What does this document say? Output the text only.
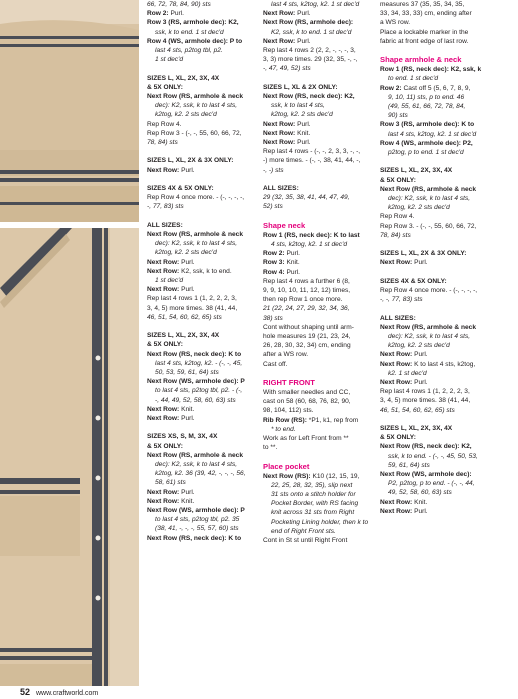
66, 72, 78, 84, 90) sts
Row 2: Purl.
Row 3 (RS, armhole dec): K2,
ssk, k to end. 1 st dec'd
Row 4 (WS, armhole dec): P to
last 4 sts, p2tog tbl, p2.
1 st dec'd
SIZES L, XL, 2X, 3X, 4X
& 5X ONLY:
Next Row (RS, armhole & neck
dec): K2, ssk, k to last 4 sts,
k2tog, k2. 2 sts dec'd
Rep Row 4.
Rep Row 3 - (-, -, 55, 60, 66, 72,
78, 84) sts
SIZES L, XL, 2X & 3X ONLY:
Next Row: Purl.
SIZES 4X & 5X ONLY:
Rep Row 4 once more. - (-, -, -, -,
-, 77, 83) sts
ALL SIZES:
Next Row (RS, armhole & neck
dec): K2, ssk, k to last 4 sts,
k2tog, k2. 2 sts dec'd
Next Row: Purl.
Next Row: K2, ssk, k to end.
1 st dec'd
Next Row: Purl.
Rep last 4 rows 1 (1, 2, 2, 2, 3,
3, 4, 5) more times. 38 (41, 44,
46, 51, 54, 60, 62, 65) sts
SIZES L, XL, 2X, 3X, 4X
& 5X ONLY:
Next Row (RS, neck dec): K to
last 4 sts, k2tog, k2. - (-, -, 45,
50, 53, 59, 61, 64) sts
Next Row (WS, armhole dec): P
to last 4 sts, p2tog tbl, p2. - (-,
-, 44, 49, 52, 58, 60, 63) sts
Next Row: Knit.
Next Row: Purl.
SIZES XS, S, M, 3X, 4X
& 5X ONLY:
Next Row (RS, armhole & neck
dec): K2, ssk, k to last 4 sts,
k2tog, k2. 36 (39, 42, -, -, -, 56,
58, 61) sts
Next Row: Purl.
Next Row: Knit.
Next Row (WS, armhole dec): P
to last 4 sts, p2tog tbl, p2. 35
(38, 41, -, -, -, 55, 57, 60) sts
Next Row (RS, neck dec): K to
last 4 sts, k2tog, k2. 1 st dec'd
Next Row: Purl.
Next Row (RS, armhole dec):
K2, ssk, k to end. 1 st dec'd
Next Row: Purl.
Rep last 4 rows 2 (2, 2, -, -, -, 3,
3, 3) more times. 29 (32, 35, -, -,
-, 47, 49, 52) sts
SIZES L, XL & 2X ONLY:
Next Row (RS, neck dec): K2,
ssk, k to last 4 sts,
k2tog, k2. 2 sts dec'd
Next Row: Purl.
Next Row: Knit.
Next Row: Purl.
Rep last 4 rows - (-, -, 2, 3, 3, -, -,
-) more times. - (-, -, 38, 41, 44, -,
-, -) sts
ALL SIZES:
29 (32, 35, 38, 41, 44, 47, 49,
52) sts
Shape neck
Row 1 (RS, neck dec): K to last
4 sts, k2tog, k2. 1 st dec'd
Row 2: Purl.
Row 3: Knit.
Row 4: Purl.
Rep last 4 rows a further 6 (8,
9, 9, 10, 10, 11, 12, 12) times,
then rep Row 1 once more.
21 (22, 24, 27, 29, 32, 34, 36,
38) sts
Cont without shaping until arm-
hole measures 19 (21, 23, 24,
26, 28, 30, 32, 34) cm, ending
after a WS row.
Cast off.
RIGHT FRONT
With smaller needles and CC,
cast on 58 (60, 68, 76, 82, 90,
98, 104, 112) sts.
Rib Row (RS): *P1, k1, rep from
* to end.
Work as for Left Front from **
to **.
Place pocket
Next Row (RS): K10 (12, 15, 19,
22, 25, 28, 32, 35), slip next
31 sts onto a stitch holder for
Pocket Border, with RS facing
knit across 31 sts from Right
Pocketing Lining holder, then k to
end of Right Front sts.
Cont in St st until Right Front
measures 37 (35, 35, 34, 35,
33, 34, 33, 33) cm, ending after
a WS row.
Place a lockable marker in the
fabric at front edge of last row.
Shape armhole & neck
Row 1 (RS, neck dec): K2, ssk, k
to end. 1 st dec'd
Row 2: Cast off 5 (5, 6, 7, 8, 9,
9, 10, 11) sts, p to end. 46
(49, 55, 61, 66, 72, 78, 84,
90) sts
Row 3 (RS, armhole dec): K to
last 4 sts, k2tog, k2. 1 st dec'd
Row 4 (WS, armhole dec): P2,
p2tog, p to end. 1 st dec'd
SIZES L, XL, 2X, 3X, 4X
& 5X ONLY:
Next Row (RS, armhole & neck
dec): K2, ssk, k to last 4 sts,
k2tog, k2. 2 sts dec'd
Rep Row 4.
Rep Row 3. - (-, -, 55, 60, 66, 72,
78, 84) sts
SIZES L, XL, 2X & 3X ONLY:
Next Row: Purl.
SIZES 4X & 5X ONLY:
Rep Row 4 once more. - (-, -, -, -,
-, -, 77, 83) sts
ALL SIZES:
Next Row (RS, armhole & neck
dec): K2, ssk, k to last 4 sts,
k2tog, k2. 2 sts dec'd
Next Row: Purl.
Next Row: K to last 4 sts, k2tog,
k2. 1 st dec'd
Next Row: Purl.
Rep last 4 rows 1 (1, 2, 2, 2, 3,
3, 4, 5) more times. 38 (41, 44,
46, 51, 54, 60, 62, 65) sts
SIZES L, XL, 2X, 3X, 4X
& 5X ONLY:
Next Row (RS, neck dec): K2,
ssk, k to end. - (-, -, 45, 50, 53,
59, 61, 64) sts
Next Row (WS, armhole dec):
P2, p2tog, p to end. - (-, -, 44,
49, 52, 58, 60, 63) sts
Next Row: Knit.
Next Row: Purl.
52 www.craftworld.com
